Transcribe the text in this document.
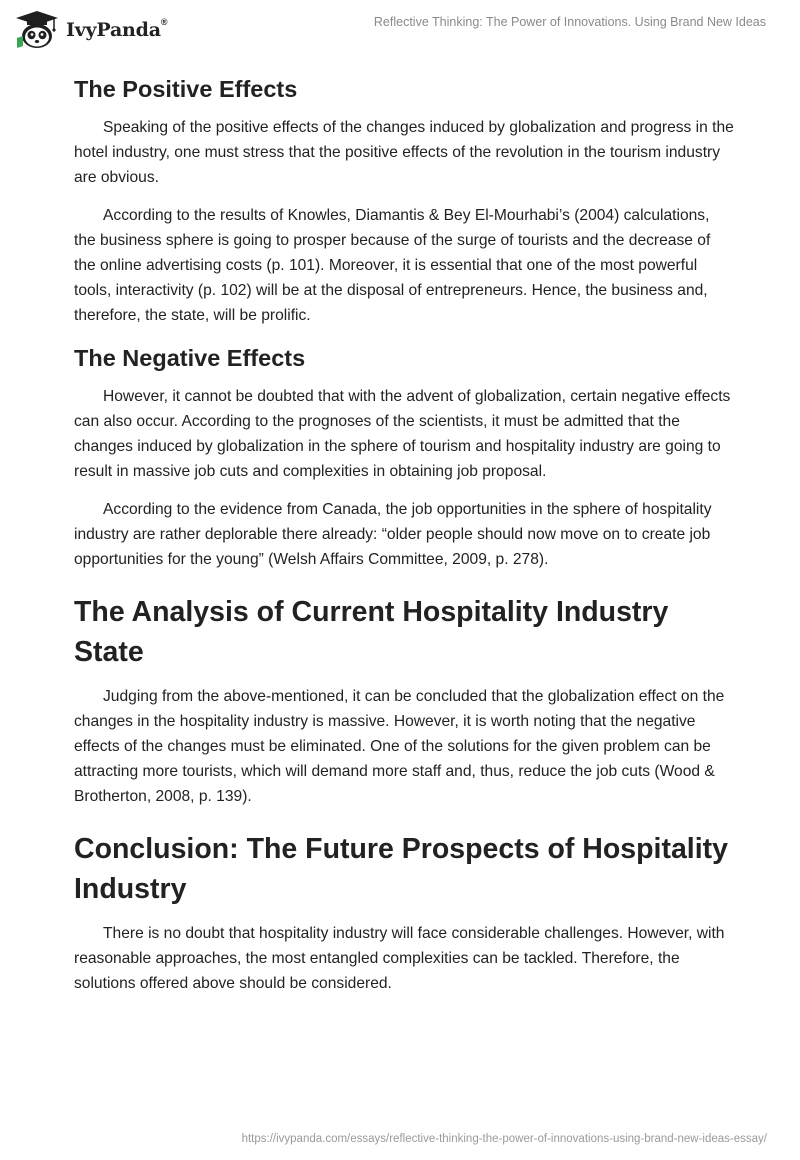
IvyPanda®	Reflective Thinking: The Power of Innovations. Using Brand New Ideas
The Positive Effects

Speaking of the positive effects of the changes induced by globalization and progress in the hotel industry, one must stress that the positive effects of the revolution in the tourism industry are obvious.

According to the results of Knowles, Diamantis & Bey El-Mourhabi’s (2004) calculations, the business sphere is going to prosper because of the surge of tourists and the decrease of the online advertising costs (p. 101). Moreover, it is essential that one of the most powerful tools, interactivity (p. 102) will be at the disposal of entrepreneurs. Hence, the business and, therefore, the state, will be prolific.

The Negative Effects

However, it cannot be doubted that with the advent of globalization, certain negative effects can also occur. According to the prognoses of the scientists, it must be admitted that the changes induced by globalization in the sphere of tourism and hospitality industry are going to result in massive job cuts and complexities in obtaining job proposal.

According to the evidence from Canada, the job opportunities in the sphere of hospitality industry are rather deplorable there already: “older people should now move on to create job opportunities for the young” (Welsh Affairs Committee, 2009, p. 278).

The Analysis of Current Hospitality Industry State

Judging from the above-mentioned, it can be concluded that the globalization effect on the changes in the hospitality industry is massive. However, it is worth noting that the negative effects of the changes must be eliminated. One of the solutions for the given problem can be attracting more tourists, which will demand more staff and, thus, reduce the job cuts (Wood & Brotherton, 2008, p. 139).

Conclusion: The Future Prospects of Hospitality Industry

There is no doubt that hospitality industry will face considerable challenges. However, with reasonable approaches, the most entangled complexities can be tackled. Therefore, the solutions offered above should be considered.

https://ivypanda.com/essays/reflective-thinking-the-power-of-innovations-using-brand-new-ideas-essay/
